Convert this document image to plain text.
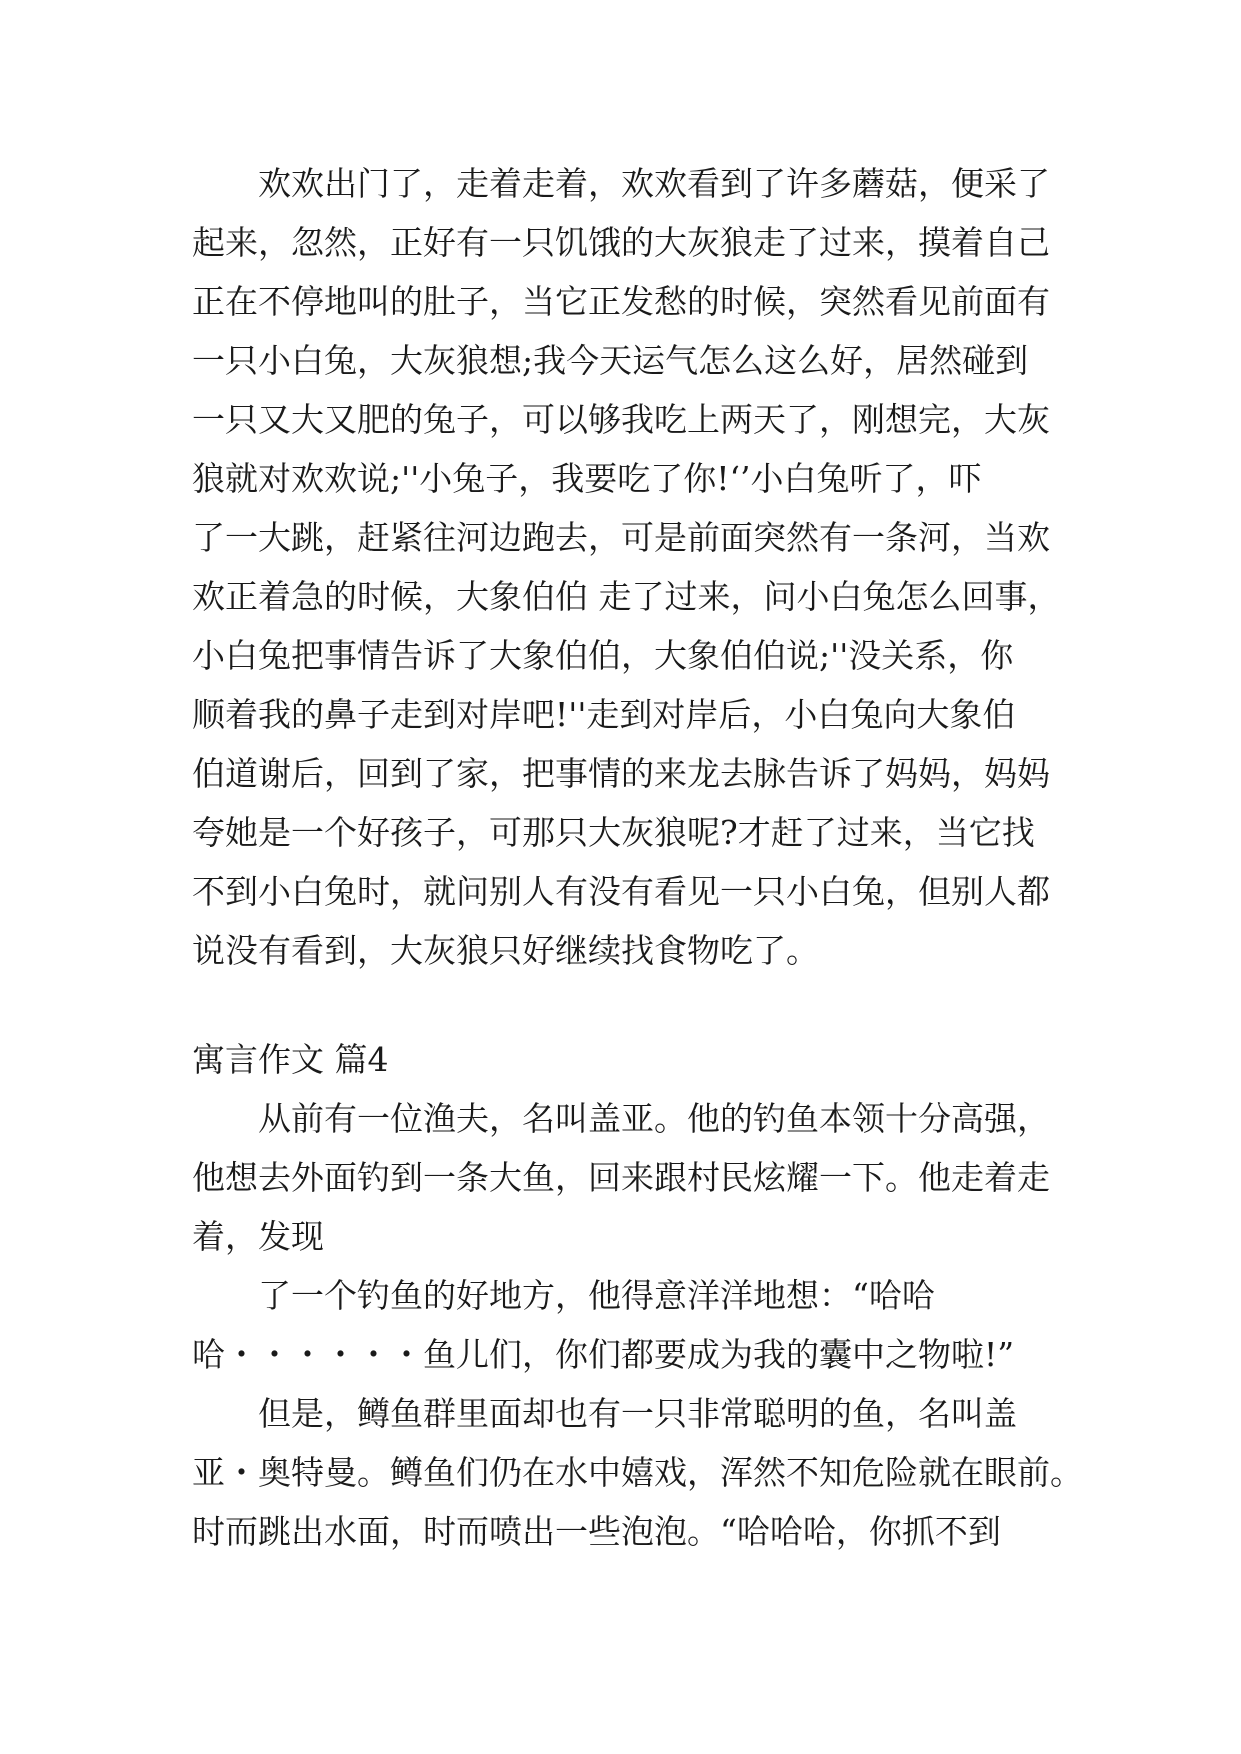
　　欢欢出门了，走着走着，欢欢看到了许多蘑菇，便采了
起来，忽然，正好有一只饥饿的大灰狼走了过来，摸着自己
正在不停地叫的肚子，当它正发愁的时候，突然看见前面有
一只小白兔，大灰狼想;我今天运气怎么这么好，居然碰到
一只又大又肥的兔子，可以够我吃上两天了，刚想完，大灰
狼就对欢欢说;''小兔子，我要吃了你!‘’小白兔听了，吓
了一大跳，赶紧往河边跑去，可是前面突然有一条河，当欢
欢正着急的时候，大象伯伯 走了过来，问小白兔怎么回事，
小白兔把事情告诉了大象伯伯，大象伯伯说;''没关系，你
顺着我的鼻子走到对岸吧!''走到对岸后，小白兔向大象伯
伯道谢后，回到了家，把事情的来龙去脉告诉了妈妈，妈妈
夸她是一个好孩子，可那只大灰狼呢?才赶了过来，当它找
不到小白兔时，就问别人有没有看见一只小白兔，但别人都
说没有看到，大灰狼只好继续找食物吃了。
寓言作文 篇4
　　从前有一位渔夫，名叫盖亚。他的钓鱼本领十分高强，
他想去外面钓到一条大鱼，回来跟村民炫耀一下。他走着走
着，发现
　　了一个钓鱼的好地方，他得意洋洋地想：“哈哈
哈・・・・・・鱼儿们，你们都要成为我的囊中之物啦!”
　　但是，鳟鱼群里面却也有一只非常聪明的鱼，名叫盖
亚・奥特曼。鳟鱼们仍在水中嬉戏，浑然不知危险就在眼前。
时而跳出水面，时而喷出一些泡泡。“哈哈哈，你抓不到
